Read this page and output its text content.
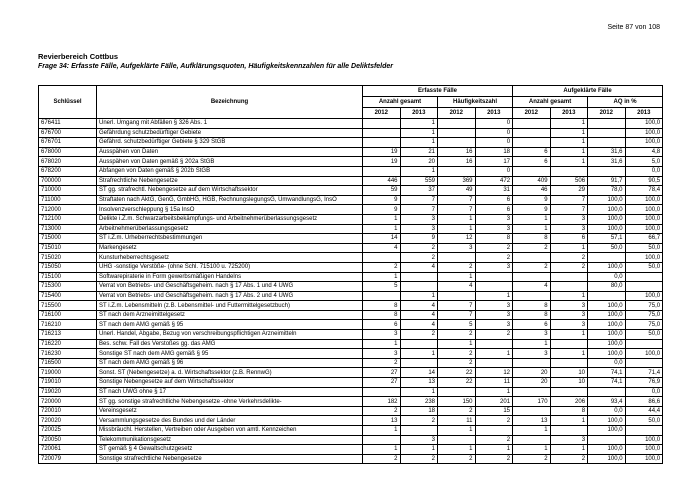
Seite 87 von 108
Revierbereich Cottbus
Frage 34: Erfasste Fälle, Aufgeklärte Fälle, Aufklärungsquoten, Häufigkeitskennzahlen für alle Deliktsfelder
Schlüssel	Bezeichnung	Erfasste Fälle				Aufgeklärte Fälle			
		Anzahl gesamt		Häufigkeitszahl		Anzahl gesamt		AQ in %	
		2012	2013	2012	2013	2012	2013	2012	2013
676411	Unerl. Umgang mit Abfällen § 326 Abs. 1		1		0		1		100,0
676700	Gefährdung schutzbedürftiger Gebiete		1		0		1		100,0
676701	Gefährd. schutzbedürftiger Gebiete § 329 StGB		1		0		1		100,0
678000	Ausspähen von Daten	19	21	16	18	6	1	31,6	4,8
678020	Ausspähen von Daten gemäß § 202a StGB	19	20	16	17	6	1	31,6	5,0
678200	Abfangen von Daten gemäß § 202b StGB		1		0				0,0
700000	Strafrechtliche Nebengesetze	446	559	369	472	409	506	91,7	90,5
710000	ST gg. strafrechtl. Nebengesetze auf dem Wirtschaftssektor	59	37	49	31	46	29	78,0	78,4
711000	Straftaten nach AktG, GenG, GmbHG, HGB, RechnungslegungsG, UmwandlungsG, InsO	9	7	7	6	9	7	100,0	100,0
712000	Insolvenzverschleppung § 15a InsO	9	7	7	6	9	7	100,0	100,0
712100	Delikte i.Z.m. Schwarzarbeitsbekämpfungs- und Arbeitnehmerüberlassungsgesetz	1	3	1	3	1	3	100,0	100,0
713000	Arbeitnehmerüberlassungsgesetz	1	3	1	3	1	3	100,0	100,0
715000	ST i.Z.m. Urheberrechtsbestimmungen	14	9	12	8	8	6	57,1	66,7
715010	Markengesetz	4	2	3	2	2	1	50,0	50,0
715020	Kunsturheberrechtsgesetz		2		2		2		100,0
715050	UHG -sonstige Verstöße- (ohne Schl. 715100 u. 725200)	2	4	2	3	2	2	100,0	50,0
715100	Softwarepiraterie in Form gewerbsmäßigen Handelns	1		1				0,0	
715300	Verrat von Betriebs- und Geschäftsgeheim. nach § 17 Abs. 1 und 4 UWG	5		4		4		80,0	
715400	Verrat von Betriebs- und Geschäftsgeheim. nach § 17 Abs. 2 und 4 UWG		1		1		1		100,0
715500	ST i.Z.m. Lebensmitteln (z.B. Lebensmittel- und Futtermittelgesetzbuch)	8	4	7	3	8	3	100,0	75,0
716100	ST nach dem Arzneimittelgesetz	8	4	7	3	8	3	100,0	75,0
716210	ST nach dem AMG gemäß § 95	6	4	5	3	6	3	100,0	75,0
716213	Unerl. Handel, Abgabe, Bezug von verschreibungspflichtigen Arzneimitteln	3	2	2	2	3	1	100,0	50,0
716220	Bes. schw. Fall des Verstoßes gg. das AMG	1		1		1		100,0	
716230	Sonstige ST nach dem AMG gemäß § 95	3	1	2	1	3	1	100,0	100,0
716500	ST nach dem AMG gemäß § 96	2		2				0,0	
719000	Sonst. ST (Nebengesetze) a. d. Wirtschaftssektor (z.B. RennwG)	27	14	22	12	20	10	74,1	71,4
719010	Sonstige Nebengesetze auf dem Wirtschaftssektor	27	13	22	11	20	10	74,1	76,9
719020	ST nach UWG ohne § 17		1		1				0,0
720000	ST gg. sonstige strafrechtliche Nebengesetze -ohne Verkehrsdelikte-	182	238	150	201	170	206	93,4	86,6
720010	Vereinsgesetz	2	18	2	15		8	0,0	44,4
720020	Versammlungsgesetze des Bundes und der Länder	13	2	11	2	13	1	100,0	50,0
720025	Missbräuchl. Herstellen, Vertreiben oder Ausgeben von amtl. Kennzeichen	1		1		1		100,0	
720050	Telekommunikationsgesetz		3		2		3		100,0
720061	ST gemäß § 4 Gewaltschutzgesetz	1	1	1	1	1	1	100,0	100,0
720079	Sonstige strafrechtliche Nebengesetze	2	2	2	2	2	2	100,0	100,0
